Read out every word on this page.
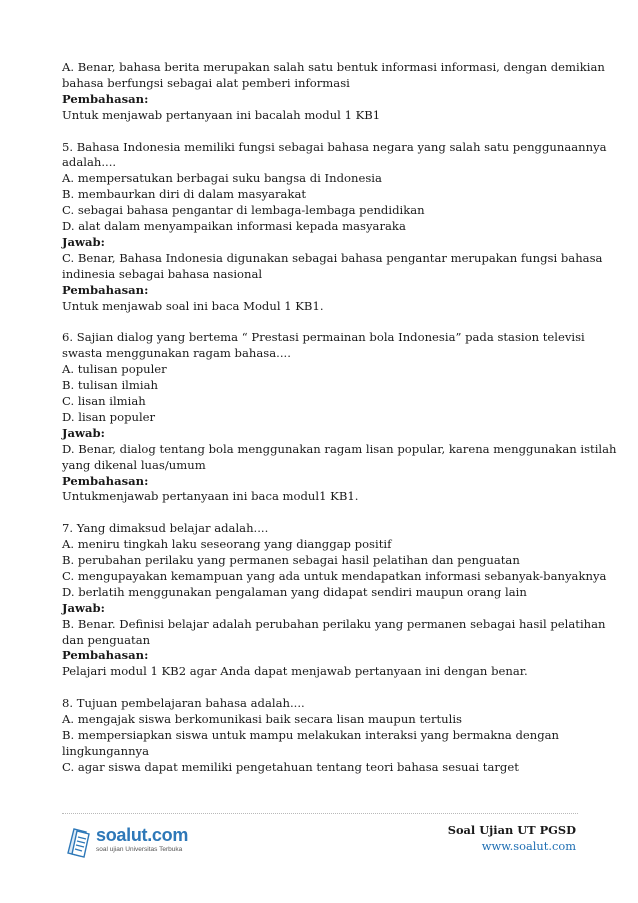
A. Benar, bahasa berita merupakan salah satu bentuk informasi informasi, dengan demikian
bahasa berfungsi sebagai alat pemberi informasi
Pembahasan:
Untuk menjawab pertanyaan ini bacalah modul 1 KB1
5. Bahasa Indonesia memiliki fungsi sebagai bahasa negara yang salah satu penggunaannya
adalah....
A. mempersatukan berbagai suku bangsa di Indonesia
B. membaurkan diri di dalam masyarakat
C. sebagai bahasa pengantar di lembaga-lembaga pendidikan
D. alat dalam menyampaikan informasi kepada masyaraka
Jawab:
C. Benar, Bahasa Indonesia digunakan sebagai bahasa pengantar merupakan fungsi bahasa
indinesia sebagai bahasa nasional
Pembahasan:
Untuk menjawab soal ini baca Modul 1 KB1.
6. Sajian dialog yang bertema “ Prestasi permainan bola Indonesia” pada stasion televisi
swasta menggunakan ragam bahasa....
A. tulisan populer
B. tulisan ilmiah
C. lisan ilmiah
D. lisan populer
Jawab:
D. Benar, dialog tentang bola menggunakan ragam lisan popular, karena menggunakan istilah
yang dikenal luas/umum
Pembahasan:
Untukmenjawab pertanyaan ini baca modul1 KB1.
7. Yang dimaksud belajar adalah....
A. meniru tingkah laku seseorang yang dianggap positif
B. perubahan perilaku yang permanen sebagai hasil pelatihan dan penguatan
C. mengupayakan kemampuan yang ada untuk mendapatkan informasi sebanyak-banyaknya
D. berlatih menggunakan pengalaman yang didapat sendiri maupun orang lain
Jawab:
B. Benar. Definisi belajar adalah perubahan perilaku yang permanen sebagai hasil pelatihan
dan penguatan
Pembahasan:
Pelajari modul 1 KB2 agar Anda dapat menjawab pertanyaan ini dengan benar.
8. Tujuan pembelajaran bahasa adalah....
A. mengajak siswa berkomunikasi baik secara lisan maupun tertulis
B. mempersiapkan siswa untuk mampu melakukan interaksi yang bermakna dengan
lingkungannya
C. agar siswa dapat memiliki pengetahuan tentang teori bahasa sesuai target
soalut.com
soal ujian Universitas Terbuka
Soal Ujian UT PGSD
www.soalut.com
